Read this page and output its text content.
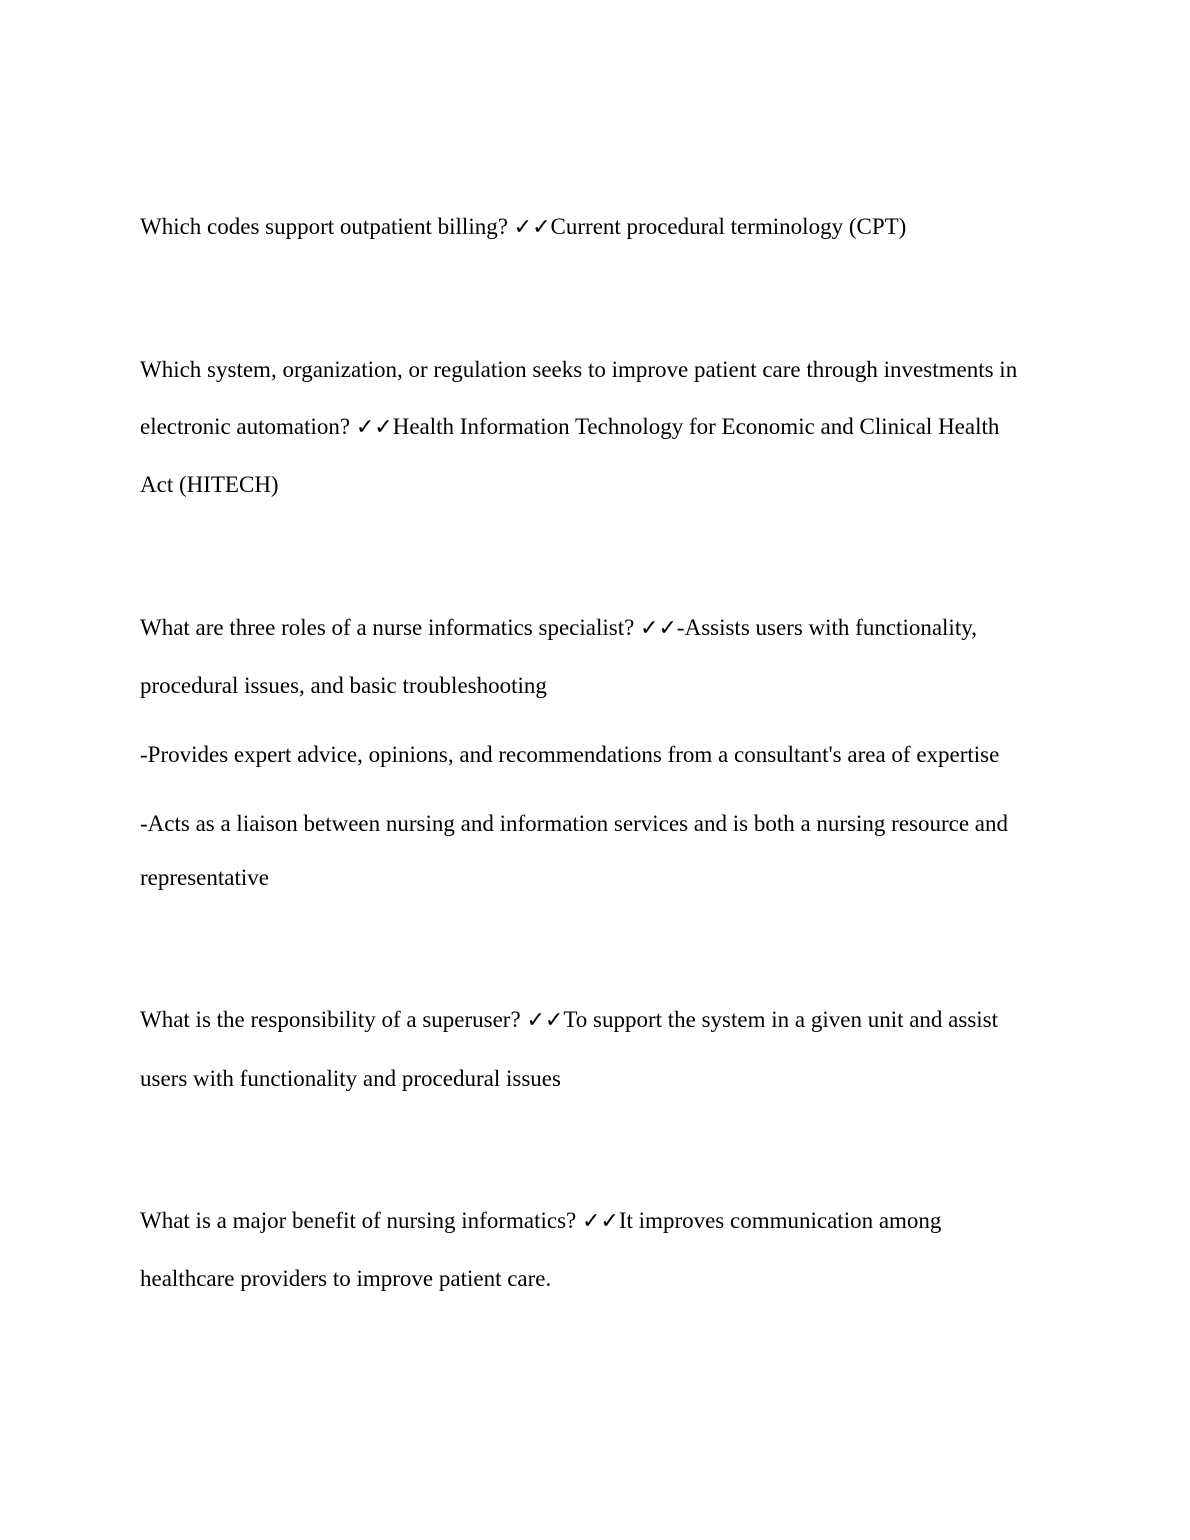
Which codes support outpatient billing? ✓✓Current procedural terminology (CPT)
Which system, organization, or regulation seeks to improve patient care through investments in
electronic automation? ✓✓Health Information Technology for Economic and Clinical Health
Act (HITECH)
What are three roles of a nurse informatics specialist? ✓✓-Assists users with functionality,
procedural issues, and basic troubleshooting
-Provides expert advice, opinions, and recommendations from a consultant's area of expertise
-Acts as a liaison between nursing and information services and is both a nursing resource and
representative
What is the responsibility of a superuser? ✓✓To support the system in a given unit and assist
users with functionality and procedural issues
What is a major benefit of nursing informatics? ✓✓It improves communication among
healthcare providers to improve patient care.
